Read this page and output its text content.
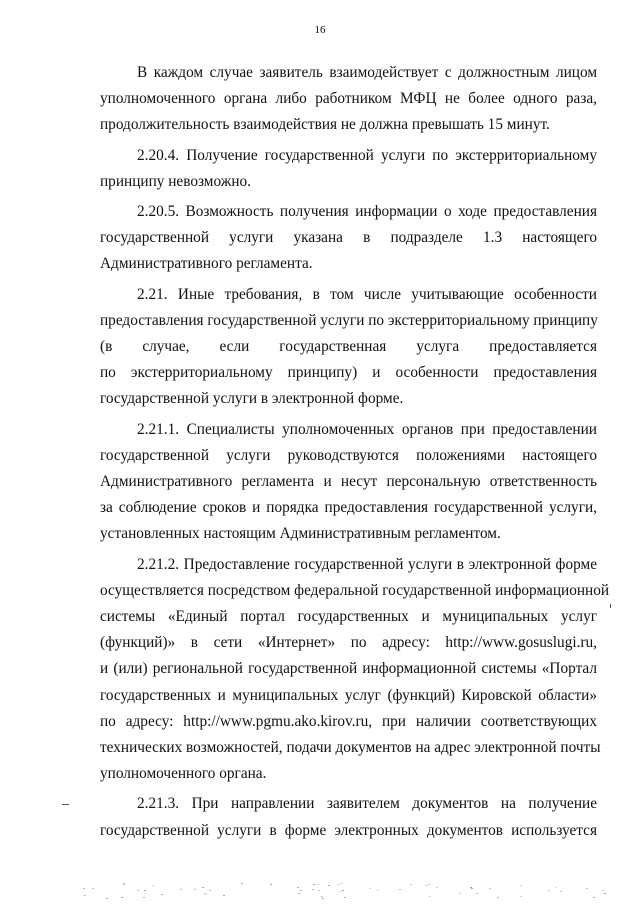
16
В каждом случае заявитель взаимодействует с должностным лицом
уполномоченного органа либо работником МФЦ не более одного раза,
продолжительность взаимодействия не должна превышать 15 минут.
2.20.4. Получение государственной услуги по экстерриториальному
принципу невозможно.
2.20.5. Возможность получения информации о ходе предоставления
государственной услуги указана в подразделе 1.3 настоящего
Административного регламента.
2.21. Иные требования, в том числе учитывающие особенности
предоставления государственной услуги по экстерриториальному принципу
(в случае, если государственная услуга предоставляется
по экстерриториальному принципу) и особенности предоставления
государственной услуги в электронной форме.
2.21.1. Специалисты уполномоченных органов при предоставлении
государственной услуги руководствуются положениями настоящего
Административного регламента и несут персональную ответственность
за соблюдение сроков и порядка предоставления государственной услуги,
установленных настоящим Административным регламентом.
2.21.2. Предоставление государственной услуги в электронной форме
осуществляется посредством федеральной государственной информационной
системы «Единый портал государственных и муниципальных услуг
(функций)» в сети «Интернет» по адресу: http://www.gosuslugi.ru,
и (или) региональной государственной информационной системы «Портал
государственных и муниципальных услуг (функций) Кировской области»
по адресу: http://www.pgmu.ako.kirov.ru, при наличии соответствующих
технических возможностей, подачи документов на адрес электронной почты
уполномоченного органа.
2.21.3. При направлении заявителем документов на получение
государственной услуги в форме электронных документов используется
